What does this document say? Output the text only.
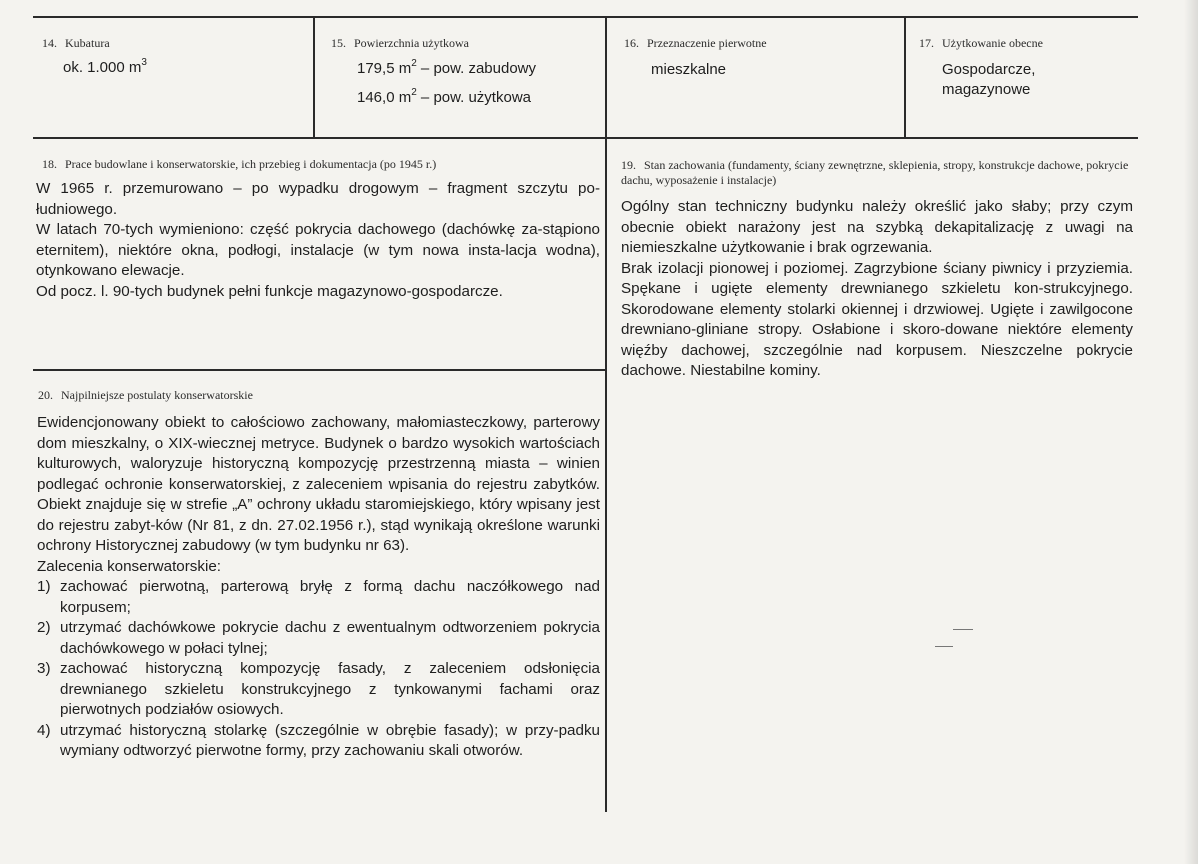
14. Kubatura
ok. 1.000 $m^3$
15. Powierzchnia użytkowa
179,5 $m^2$ – pow. zabudowy
146,0 $m^2$ – pow. użytkowa
16. Przeznaczenie pierwotne
mieszkalne
17. Użytkowanie obecne
Gospodarcze, magazynowe
18. Prace budowlane i konserwatorskie, ich przebieg i dokumentacja (po 1945 r.)

W 1965 r. przemurowano – po wypadku drogowym – fragment szczytu po-łudniowego.

W latach 70-tych wymieniono: część pokrycia dachowego (dachówkę za-stąpiono eternitem), niektóre okna, podłogi, instalacje (w tym nowa insta-lacja wodna), otynkowano elewacje.

Od pocz. l. 90-tych budynek pełni funkcje magazynowo-gospodarcze.

19. Stan zachowania (fundamenty, ściany zewnętrzne, sklepienia, stropy, konstrukcje dachowe, pokrycie dachu, wyposażenie i instalacje)

Ogólny stan techniczny budynku należy określić jako słaby; przy czym obecnie obiekt narażony jest na szybką dekapitalizację z uwagi na niemieszkalne użytkowanie i brak ogrzewania.

Brak izolacji pionowej i poziomej. Zagrzybione ściany piwnicy i przyziemia. Spękane i ugięte elementy drewnianego szkieletu kon-strukcyjnego. Skorodowane elementy stolarki okiennej i drzwiowej. Ugięte i zawilgocone drewniano-gliniane stropy. Osłabione i skoro-dowane niektóre elementy więźby dachowej, szczególnie nad korpusem. Nieszczelne pokrycie dachowe. Niestabilne kominy.

20. Najpilniejsze postulaty konserwatorskie

Ewidencjonowany obiekt to całościowo zachowany, małomiasteczkowy, parterowy dom mieszkalny, o XIX-wiecznej metryce. Budynek o bardzo wysokich wartościach kulturowych, waloryzuje historyczną kompozycję przestrzenną miasta – winien podlegać ochronie konserwatorskiej, z zaleceniem wpisania do rejestru zabytków. Obiekt znajduje się w strefie „A” ochrony układu staromiejskiego, który wpisany jest do rejestru zabyt-ków (Nr 81, z dn. 27.02.1956 r.), stąd wynikają określone warunki ochrony Historycznej zabudowy (w tym budynku nr 63).

Zalecenia konserwatorskie:

1) zachować pierwotną, parterową bryłę z formą dachu naczółkowego nad korpusem;
2) utrzymać dachówkowe pokrycie dachu z ewentualnym odtworzeniem pokrycia dachówkowego w połaci tylnej;
3) zachować historyczną kompozycję fasady, z zaleceniem odsłonięcia drewnianego szkieletu konstrukcyjnego z tynkowanymi fachami oraz pierwotnych podziałów osiowych.
4) utrzymać historyczną stolarkę (szczególnie w obrębie fasady); w przy-padku wymiany odtworzyć pierwotne formy, przy zachowaniu skali otworów.
